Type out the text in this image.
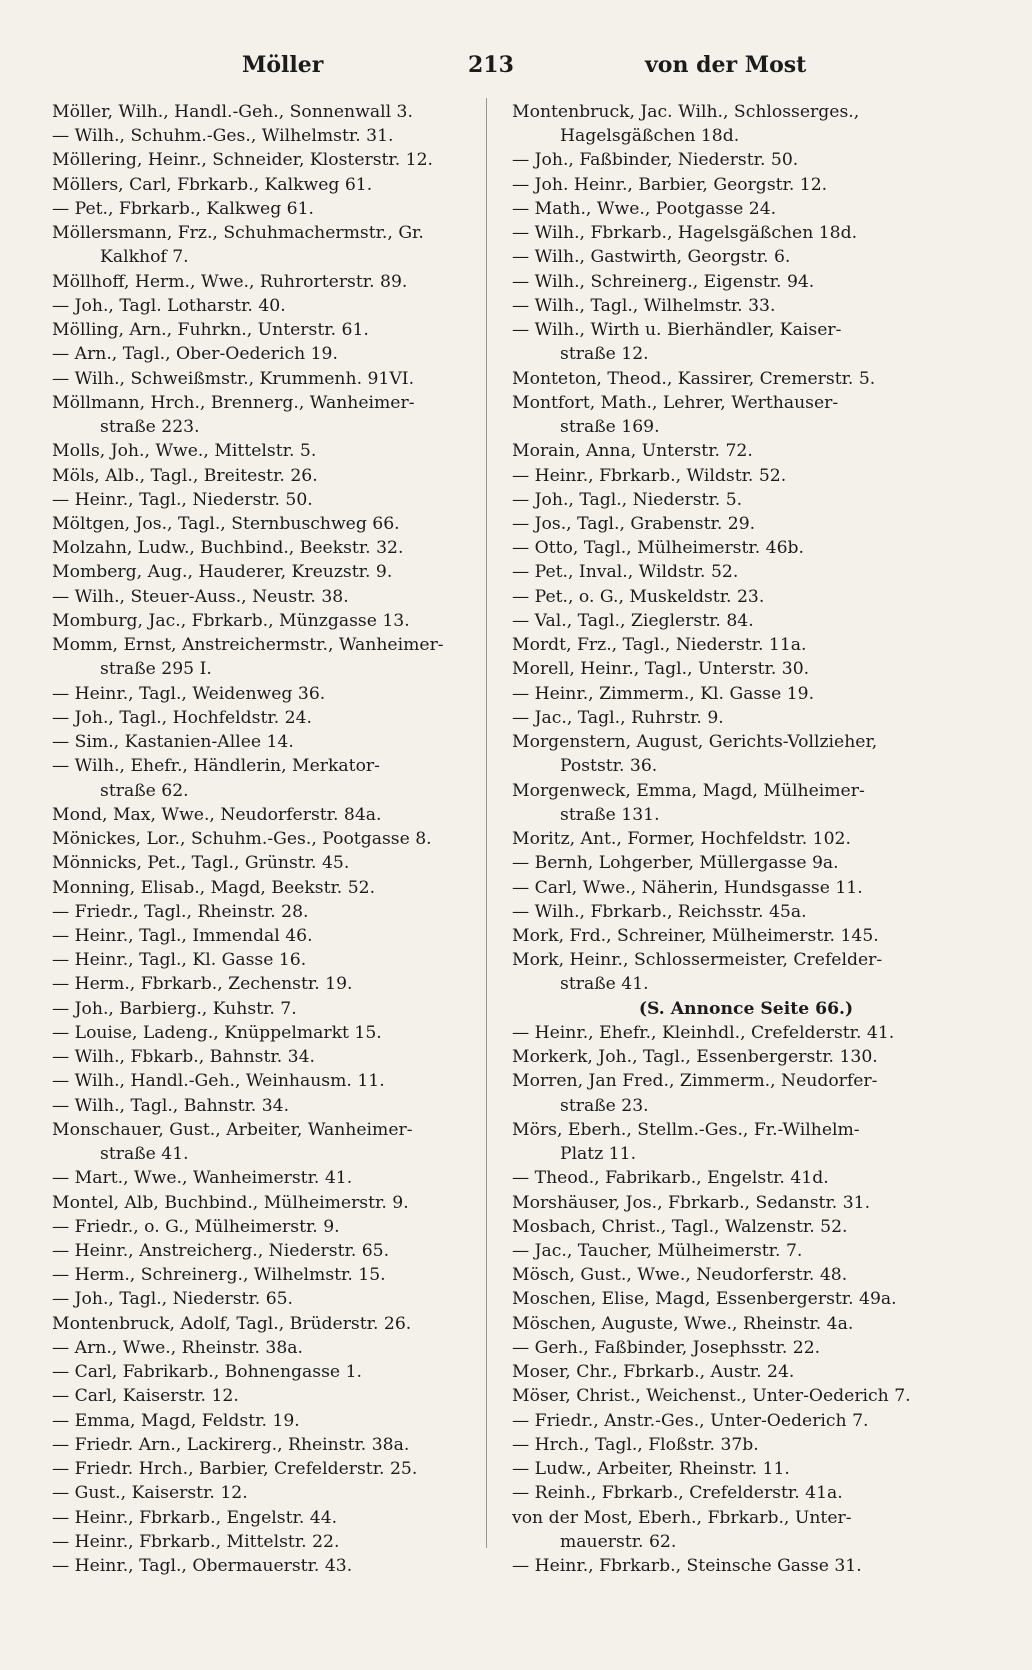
Möller	213	von der Most
Möller, Wilh., Handl.-Geh., Sonnenwall 3.
— Wilh., Schuhm.-Ges., Wilhelmstr. 31.
Möllering, Heinr., Schneider, Klosterstr. 12.
Möllers, Carl, Fbrkarb., Kalkweg 61.
— Pet., Fbrkarb., Kalkweg 61.
Möllersmann, Frz., Schuhmachermstr., Gr.
Kalkhof 7.
Möllhoff, Herm., Wwe., Ruhrorterstr. 89.
— Joh., Tagl. Lotharstr. 40.
Mölling, Arn., Fuhrkn., Unterstr. 61.
— Arn., Tagl., Ober-Oederich 19.
— Wilh., Schweißmstr., Krummenh. 91VI.
Möllmann, Hrch., Brennerg., Wanheimer-
straße 223.
Molls, Joh., Wwe., Mittelstr. 5.
Möls, Alb., Tagl., Breitestr. 26.
— Heinr., Tagl., Niederstr. 50.
Möltgen, Jos., Tagl., Sternbuschweg 66.
Molzahn, Ludw., Buchbind., Beekstr. 32.
Momberg, Aug., Hauderer, Kreuzstr. 9.
— Wilh., Steuer-Auss., Neustr. 38.
Momburg, Jac., Fbrkarb., Münzgasse 13.
Momm, Ernst, Anstreichermstr., Wanheimer-
straße 295 I.
— Heinr., Tagl., Weidenweg 36.
— Joh., Tagl., Hochfeldstr. 24.
— Sim., Kastanien-Allee 14.
— Wilh., Ehefr., Händlerin, Merkator-
straße 62.
Mond, Max, Wwe., Neudorferstr. 84a.
Mönickes, Lor., Schuhm.-Ges., Pootgasse 8.
Mönnicks, Pet., Tagl., Grünstr. 45.
Monning, Elisab., Magd, Beekstr. 52.
— Friedr., Tagl., Rheinstr. 28.
— Heinr., Tagl., Immendal 46.
— Heinr., Tagl., Kl. Gasse 16.
— Herm., Fbrkarb., Zechenstr. 19.
— Joh., Barbierg., Kuhstr. 7.
— Louise, Ladeng., Knüppelmarkt 15.
— Wilh., Fbkarb., Bahnstr. 34.
— Wilh., Handl.-Geh., Weinhausm. 11.
— Wilh., Tagl., Bahnstr. 34.
Monschauer, Gust., Arbeiter, Wanheimer-
straße 41.
— Mart., Wwe., Wanheimerstr. 41.
Montel, Alb, Buchbind., Mülheimerstr. 9.
— Friedr., o. G., Mülheimerstr. 9.
— Heinr., Anstreicherg., Niederstr. 65.
— Herm., Schreinerg., Wilhelmstr. 15.
— Joh., Tagl., Niederstr. 65.
Montenbruck, Adolf, Tagl., Brüderstr. 26.
— Arn., Wwe., Rheinstr. 38a.
— Carl, Fabrikarb., Bohnengasse 1.
— Carl, Kaiserstr. 12.
— Emma, Magd, Feldstr. 19.
— Friedr. Arn., Lackirerg., Rheinstr. 38a.
— Friedr. Hrch., Barbier, Crefelderstr. 25.
— Gust., Kaiserstr. 12.
— Heinr., Fbrkarb., Engelstr. 44.
— Heinr., Fbrkarb., Mittelstr. 22.
— Heinr., Tagl., Obermauerstr. 43.
Montenbruck, Jac. Wilh., Schlosserges.,
Hagelsgäßchen 18d.
— Joh., Faßbinder, Niederstr. 50.
— Joh. Heinr., Barbier, Georgstr. 12.
— Math., Wwe., Pootgasse 24.
— Wilh., Fbrkarb., Hagelsgäßchen 18d.
— Wilh., Gastwirth, Georgstr. 6.
— Wilh., Schreinerg., Eigenstr. 94.
— Wilh., Tagl., Wilhelmstr. 33.
— Wilh., Wirth u. Bierhändler, Kaiser-
straße 12.
Monteton, Theod., Kassirer, Cremerstr. 5.
Montfort, Math., Lehrer, Werthauser-
straße 169.
Morain, Anna, Unterstr. 72.
— Heinr., Fbrkarb., Wildstr. 52.
— Joh., Tagl., Niederstr. 5.
— Jos., Tagl., Grabenstr. 29.
— Otto, Tagl., Mülheimerstr. 46b.
— Pet., Inval., Wildstr. 52.
— Pet., o. G., Muskeldstr. 23.
— Val., Tagl., Zieglerstr. 84.
Mordt, Frz., Tagl., Niederstr. 11a.
Morell, Heinr., Tagl., Unterstr. 30.
— Heinr., Zimmerm., Kl. Gasse 19.
— Jac., Tagl., Ruhrstr. 9.
Morgenstern, August, Gerichts-Vollzieher,
Poststr. 36.
Morgenweck, Emma, Magd, Mülheimer-
straße 131.
Moritz, Ant., Former, Hochfeldstr. 102.
— Bernh, Lohgerber, Müllergasse 9a.
— Carl, Wwe., Näherin, Hundsgasse 11.
— Wilh., Fbrkarb., Reichsstr. 45a.
Mork, Frd., Schreiner, Mülheimerstr. 145.
Mork, Heinr., Schlossermeister, Crefelder-
straße 41.
(S. Annonce Seite 66.)
— Heinr., Ehefr., Kleinhdl., Crefelderstr. 41.
Morkerk, Joh., Tagl., Essenbergerstr. 130.
Morren, Jan Fred., Zimmerm., Neudorfer-
straße 23.
Mörs, Eberh., Stellm.-Ges., Fr.-Wilhelm-
Platz 11.
— Theod., Fabrikarb., Engelstr. 41d.
Morshäuser, Jos., Fbrkarb., Sedanstr. 31.
Mosbach, Christ., Tagl., Walzenstr. 52.
— Jac., Taucher, Mülheimerstr. 7.
Mösch, Gust., Wwe., Neudorferstr. 48.
Moschen, Elise, Magd, Essenbergerstr. 49a.
Möschen, Auguste, Wwe., Rheinstr. 4a.
— Gerh., Faßbinder, Josephsstr. 22.
Moser, Chr., Fbrkarb., Austr. 24.
Möser, Christ., Weichenst., Unter-Oederich 7.
— Friedr., Anstr.-Ges., Unter-Oederich 7.
— Hrch., Tagl., Floßstr. 37b.
— Ludw., Arbeiter, Rheinstr. 11.
— Reinh., Fbrkarb., Crefelderstr. 41a.
von der Most, Eberh., Fbrkarb., Unter-
mauerstr. 62.
— Heinr., Fbrkarb., Steinsche Gasse 31.
